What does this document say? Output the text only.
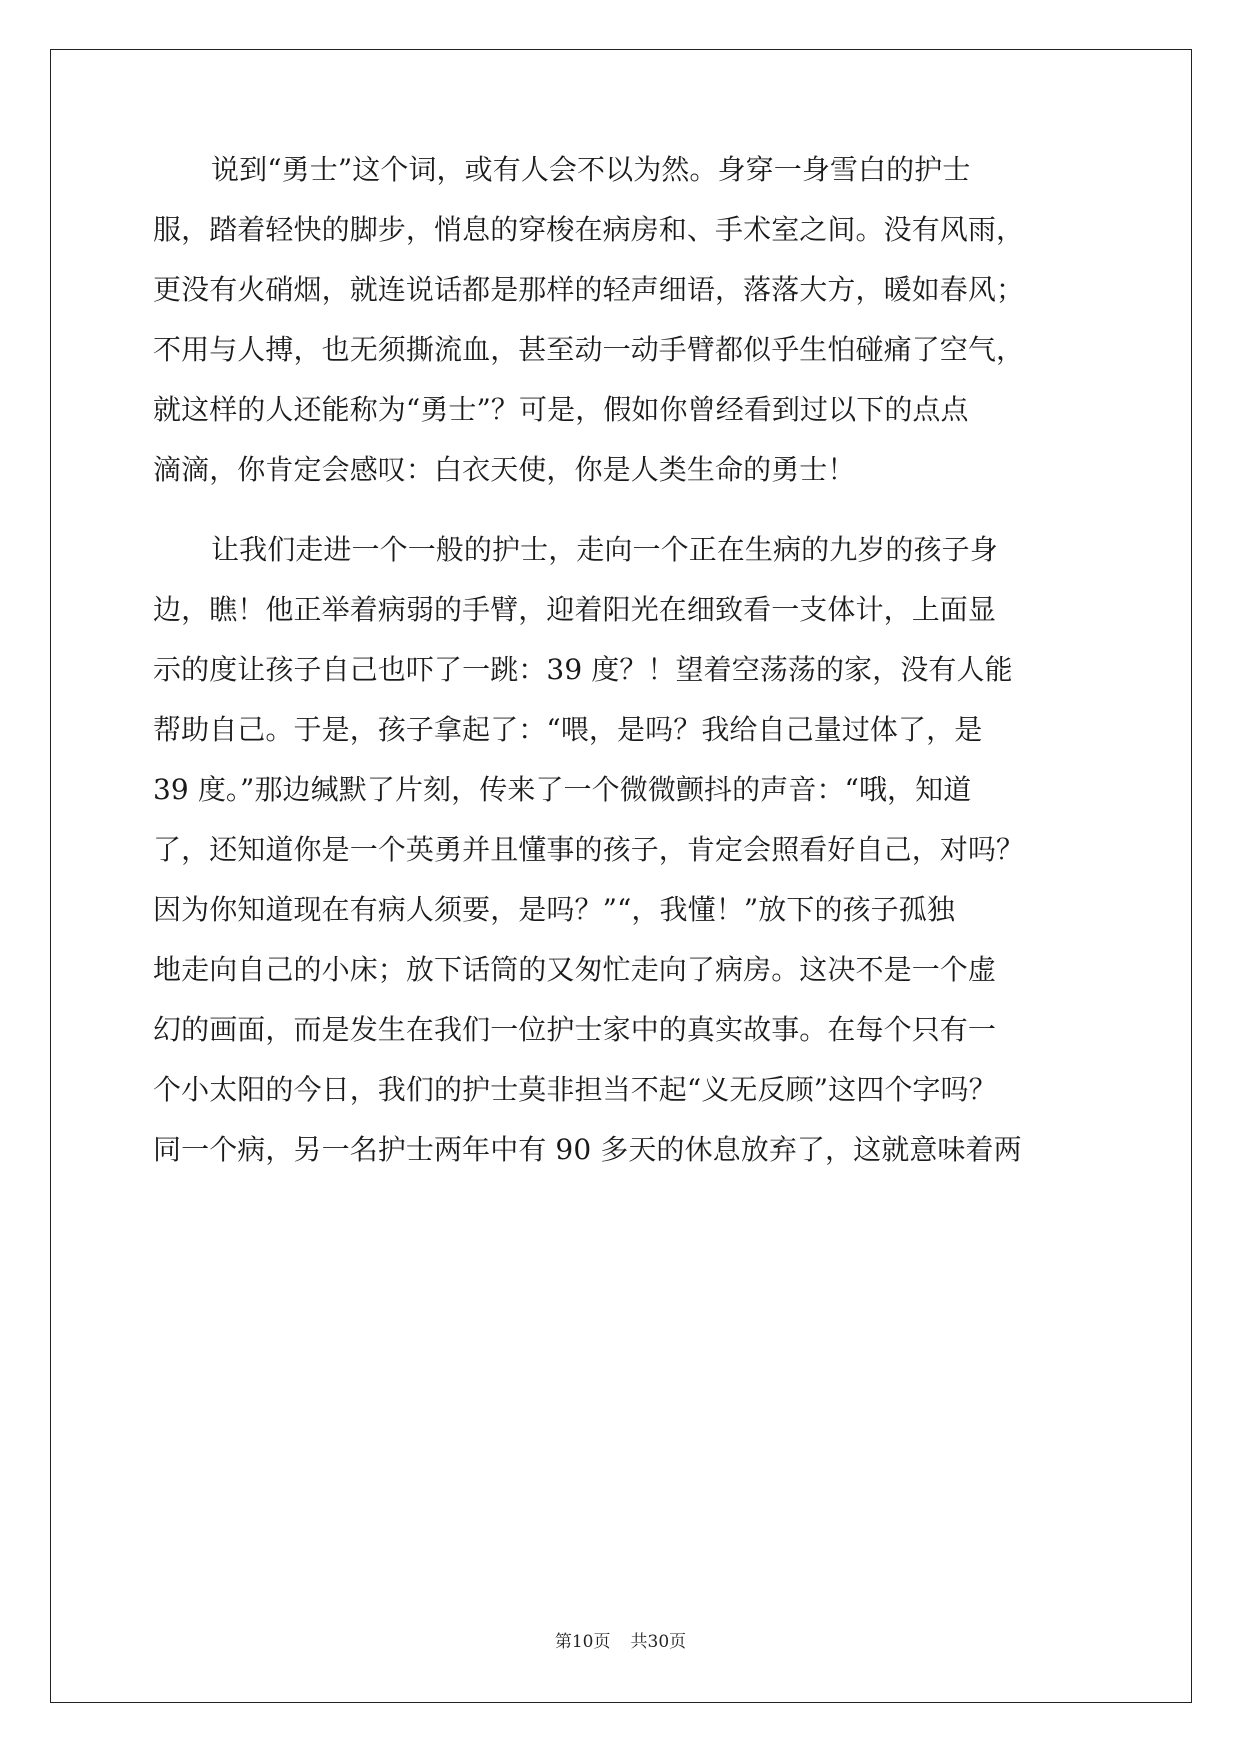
说到“勇士”这个词，或有人会不以为然。身穿一身雪白的护士
服，踏着轻快的脚步，悄息的穿梭在病房和、手术室之间。没有风雨，
更没有火硝烟，就连说话都是那样的轻声细语，落落大方，暖如春风；
不用与人搏，也无须撕流血，甚至动一动手臂都似乎生怕碰痛了空气，
就这样的人还能称为“勇士”？可是，假如你曾经看到过以下的点点
滴滴，你肯定会感叹：白衣天使，你是人类生命的勇士！
让我们走进一个一般的护士，走向一个正在生病的九岁的孩子身
边，瞧！他正举着病弱的手臂，迎着阳光在细致看一支体计，上面显
示的度让孩子自己也吓了一跳：39 度？！望着空荡荡的家，没有人能
帮助自己。于是，孩子拿起了：“喂，是吗？我给自己量过体了，是
39 度。”那边缄默了片刻，传来了一个微微颤抖的声音：“哦，知道
了，还知道你是一个英勇并且懂事的孩子，肯定会照看好自己，对吗？
因为你知道现在有病人须要，是吗？”“，我懂！”放下的孩子孤独
地走向自己的小床；放下话筒的又匆忙走向了病房。这决不是一个虚
幻的画面，而是发生在我们一位护士家中的真实故事。在每个只有一
个小太阳的今日，我们的护士莫非担当不起“义无反顾”这四个字吗？
同一个病，另一名护士两年中有 90 多天的休息放弃了，这就意味着两
第10页 共30页
